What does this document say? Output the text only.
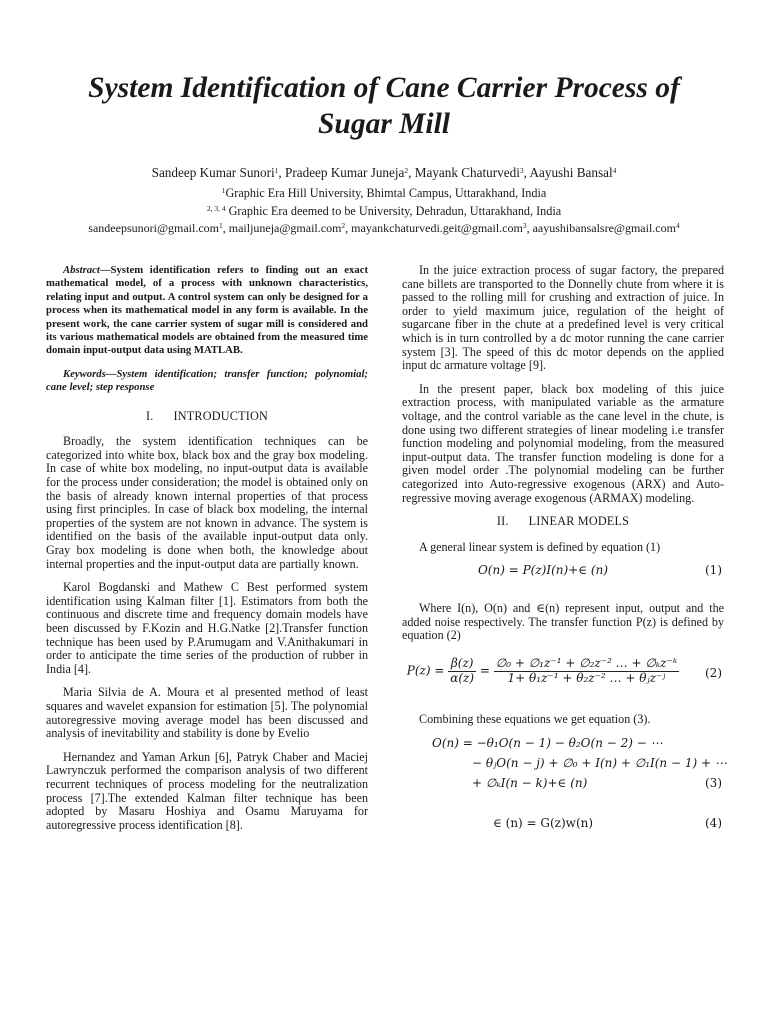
System Identification of Cane Carrier Process of Sugar Mill
Sandeep Kumar Sunori$^1$, Pradeep Kumar Juneja$^2$, Mayank Chaturvedi$^3$, Aayushi Bansal$^4$
$^1$Graphic Era Hill University, Bhimtal Campus, Uttarakhand, India
$^{2, 3, 4}$ Graphic Era deemed to be University, Dehradun, Uttarakhand, India
sandeepsunori@gmail.com$^1$, mailjuneja@gmail.com$^2$, mayankchaturvedi.geit@gmail.com$^3$, aayushibansalsre@gmail.com$^4$
Abstract—System identification refers to finding out an exact mathematical model, of a process with unknown characteristics, relating input and output. A control system can only be designed for a process when its mathematical model in any form is available. In the present work, the cane carrier system of sugar mill is considered and its various mathematical models are obtained from the measured time domain input-output data using MATLAB.
Keywords—System identification; transfer function; polynomial; cane level; step response
I. INTRODUCTION

Broadly, the system identification techniques can be categorized into white box, black box and the gray box modeling. In case of white box modeling, no input-output data is available for the process under consideration; the model is obtained only on the basis of already known internal properties of that process using first principles. In case of black box modeling, the internal properties of the system are not known in advance. The system is identified on the basis of the available input-output data only. Gray box modeling is done when both, the knowledge about internal properties and the input-output data are partially known.

Karol Bogdanski and Mathew C Best performed system identification using Kalman filter [1]. Estimators from both the continuous and discrete time and frequency domain models have been discussed by F.Kozin and H.G.Natke [2].Transfer function technique has been used by P.Arumugam and V.Anithakumari in order to anticipate the time series of the production of rubber in India [4].

Maria Silvia de A. Moura et al presented method of least squares and wavelet expansion for estimation [5]. The polynomial autoregressive moving average model has been discussed and analysis of inevitability and stability is done by Evelio

Hernandez and Yaman Arkun [6], Patryk Chaber and Maciej Lawrynczuk performed the comparison analysis of two different recurrent techniques of process modeling for the neutralization process [7].The extended Kalman filter technique has been adopted by Masaru Hoshiya and Osamu Maruyama for autoregressive process identification [8].

In the juice extraction process of sugar factory, the prepared cane billets are transported to the Donnelly chute from where it is passed to the rolling mill for crushing and extraction of juice. In order to yield maximum juice, regulation of the height of sugarcane fiber in the chute at a predefined level is very critical which is in turn controlled by a dc motor running the cane carrier system [3]. The speed of this dc motor depends on the applied input dc armature voltage [9].

In the present paper, black box modeling of this juice extraction process, with manipulated variable as the armature voltage, and the control variable as the cane level in the chute, is done using two different strategies of linear modeling i.e transfer function modeling and polynomial modeling, from the measured input-output data. The transfer function modeling is done for a given model order .The polynomial modeling can be further categorized into Auto-regressive exogenous (ARX) and Auto-regressive moving average exogenous (ARMAX) modeling.

II. LINEAR MODELS

A general linear system is defined by equation (1)

O(n) = P(z)I(n)+∈ (n)	(1)

Where I(n), O(n) and ∈(n) represent input, output and the added noise respectively. The transfer function P(z) is defined by equation (2)

$P(z) = \frac{\beta(z)}{\alpha(z)} = \frac{\text{∅₀ + ∅₁z⁻¹ + ∅₂z⁻² … + ∅ₖz⁻ᵏ}}{\text{1+ θ₁z⁻¹ + θ₂z⁻² … + θⱼz⁻ʲ}} (2)$

Combining these equations we get equation (3).

O(n) = −θ₁O(n − 1) − θ₂O(n − 2) − ⋯
− θⱼO(n − j) + ∅₀ + I(n) + ∅₁I(n − 1) + ⋯
+ ∅ₖI(n − k)+∈ (n)	(3)
∈ (n) = G(z)w(n)	(4)
